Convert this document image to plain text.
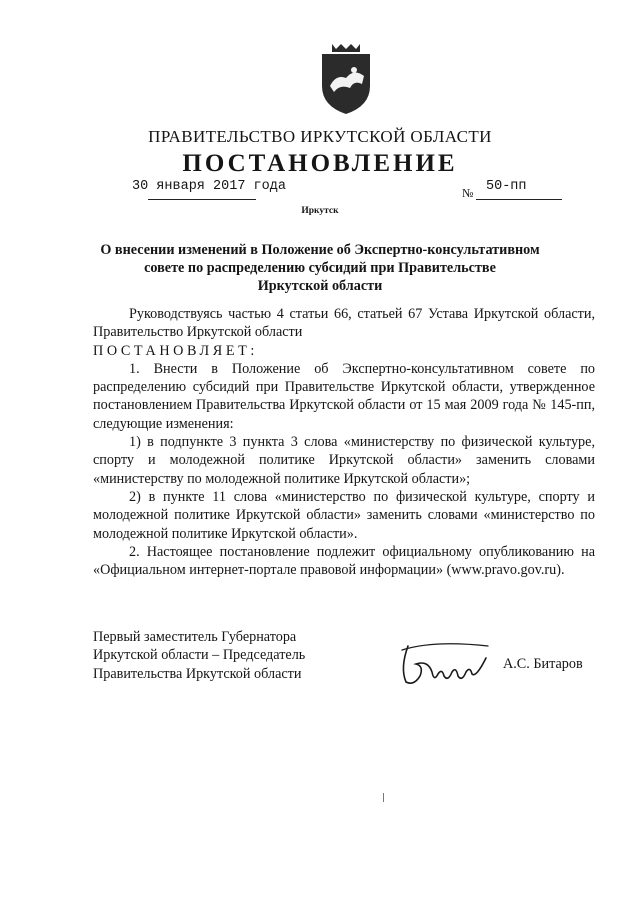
ПРАВИТЕЛЬСТВО ИРКУТСКОЙ ОБЛАСТИ
ПОСТАНОВЛЕНИЕ
30 января 2017 года	№ 50-пп
Иркутск
О внесении изменений в Положение об Экспертно-консультативном
совете по распределению субсидий при Правительстве
Иркутской области

Руководствуясь частью 4 статьи 66, статьей 67 Устава Иркутской области, Правительство Иркутской области

ПОСТАНОВЛЯЕТ:

1. Внести в Положение об Экспертно-консультативном совете по распределению субсидий при Правительстве Иркутской области, утвержденное постановлением Правительства Иркутской области от 15 мая 2009 года № 145-пп, следующие изменения:

1) в подпункте 3 пункта 3 слова «министерству по физической культуре, спорту и молодежной политике Иркутской области» заменить словами «министерству по молодежной политике Иркутской области»;

2) в пункте 11 слова «министерство по физической культуре, спорту и молодежной политике Иркутской области» заменить словами «министерство по молодежной политике Иркутской области».

2. Настоящее постановление подлежит официальному опубликованию на «Официальном интернет-портале правовой информации» (www.pravo.gov.ru).

Первый заместитель Губернатора
Иркутской области – Председатель
Правительства Иркутской области
А.С. Битаров
